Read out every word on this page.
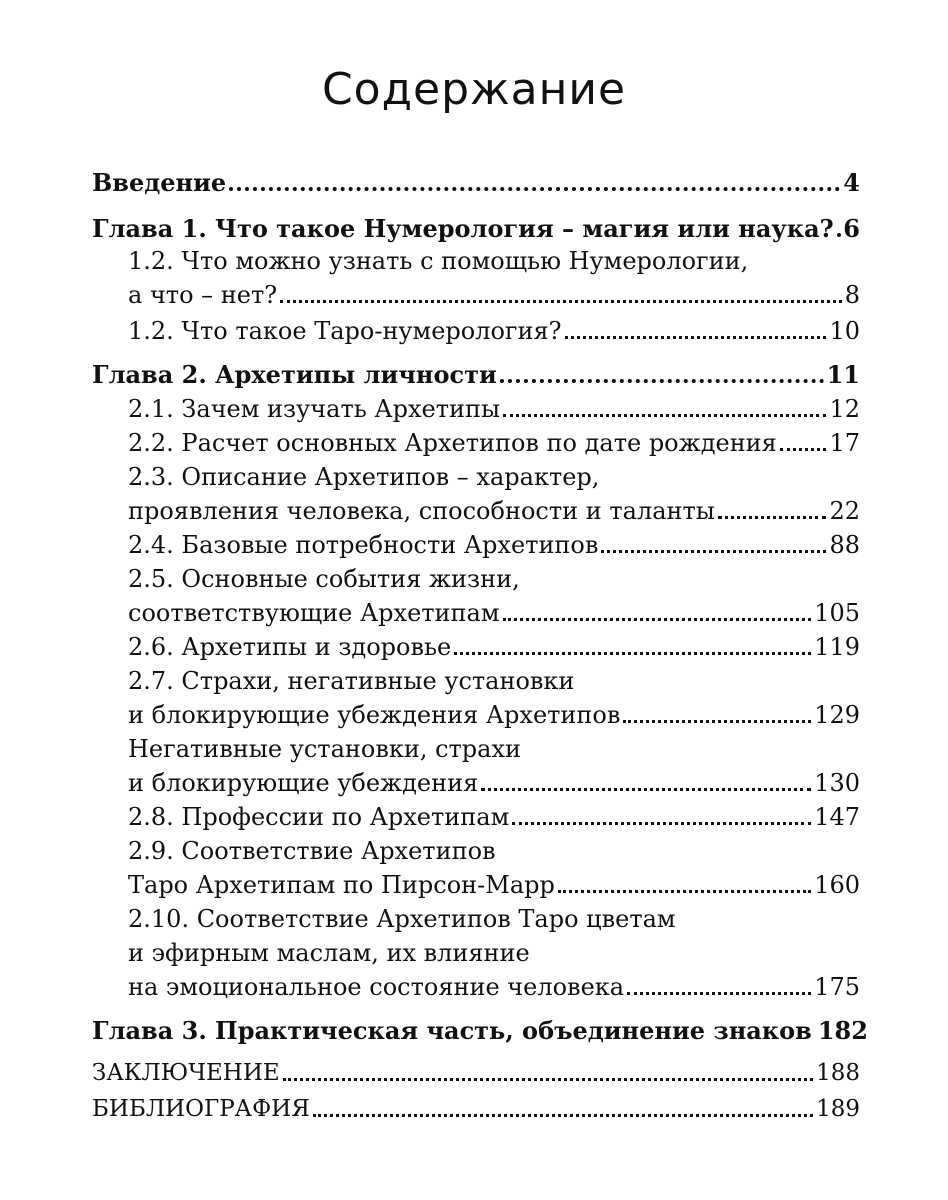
Содержание
Введение	4
Глава 1. Что такое Нумерология – магия или наука? 6
1.2. Что можно узнать с помощью Нумерологии,
а что – нет?	8
1.2. Что такое Таро-нумерология?	10
Глава 2. Архетипы личности	11
2.1. Зачем изучать Архетипы	12
2.2. Расчет основных Архетипов по дате рождения 17
2.3. Описание Архетипов – характер,
проявления человека, способности и таланты	22
2.4. Базовые потребности Архетипов	88
2.5. Основные события жизни,
соответствующие Архетипам	105
2.6. Архетипы и здоровье	119
2.7. Страхи, негативные установки
и блокирующие убеждения Архетипов	129
Негативные установки, страхи
и блокирующие убеждения	130
2.8. Профессии по Архетипам	147
2.9. Соответствие Архетипов
Таро Архетипам по Пирсон-Марр	160
2.10. Соответствие Архетипов Таро цветам
и эфирным маслам, их влияние
на эмоциональное состояние человека	175
Глава 3. Практическая часть, объединение знаков 182
ЗАКЛЮЧЕНИЕ	188
БИБЛИОГРАФИЯ	189
